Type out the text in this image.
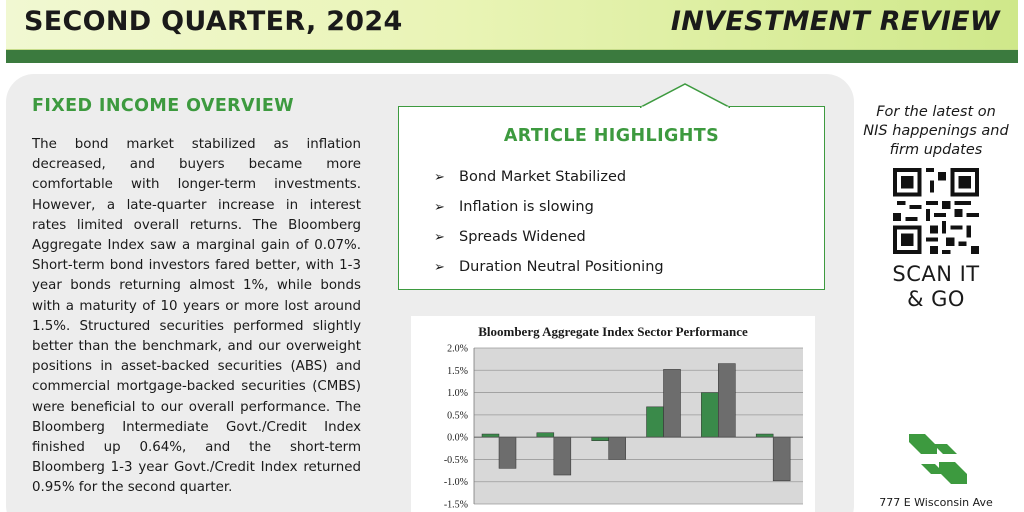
SECOND QUARTER, 2024	INVESTMENT REVIEW
FIXED INCOME OVERVIEW

The bond market stabilized as inflation decreased, and buyers became more comfortable with longer-term investments. However, a late-quarter increase in interest rates limited overall returns. The Bloomberg Aggregate Index saw a marginal gain of 0.07%. Short-term bond investors fared better, with 1-3 year bonds returning almost 1%, while bonds with a maturity of 10 years or more lost around 1.5%. Structured securities performed slightly better than the benchmark, and our overweight positions in asset-backed securities (ABS) and commercial mortgage-backed securities (CMBS) were beneficial to our overall performance. The Bloomberg Intermediate Govt./Credit Index finished up 0.64%, and the short-term Bloomberg 1-3 year Govt./Credit Index returned 0.95% for the second quarter.

ARTICLE HIGHLIGHTS
➢ Bond Market Stabilized
➢ Inflation is slowing
➢ Spreads Widened
➢ Duration Neutral Positioning
2.0%
1.5%
1.0%
0.5%
0.0%
-0.5%
-1.0%
-1.5%
Bloomberg Aggregate Index Sector Performance
For the latest on NIS happenings and firm updates
SCAN IT
& GO
777 E Wisconsin Ave
